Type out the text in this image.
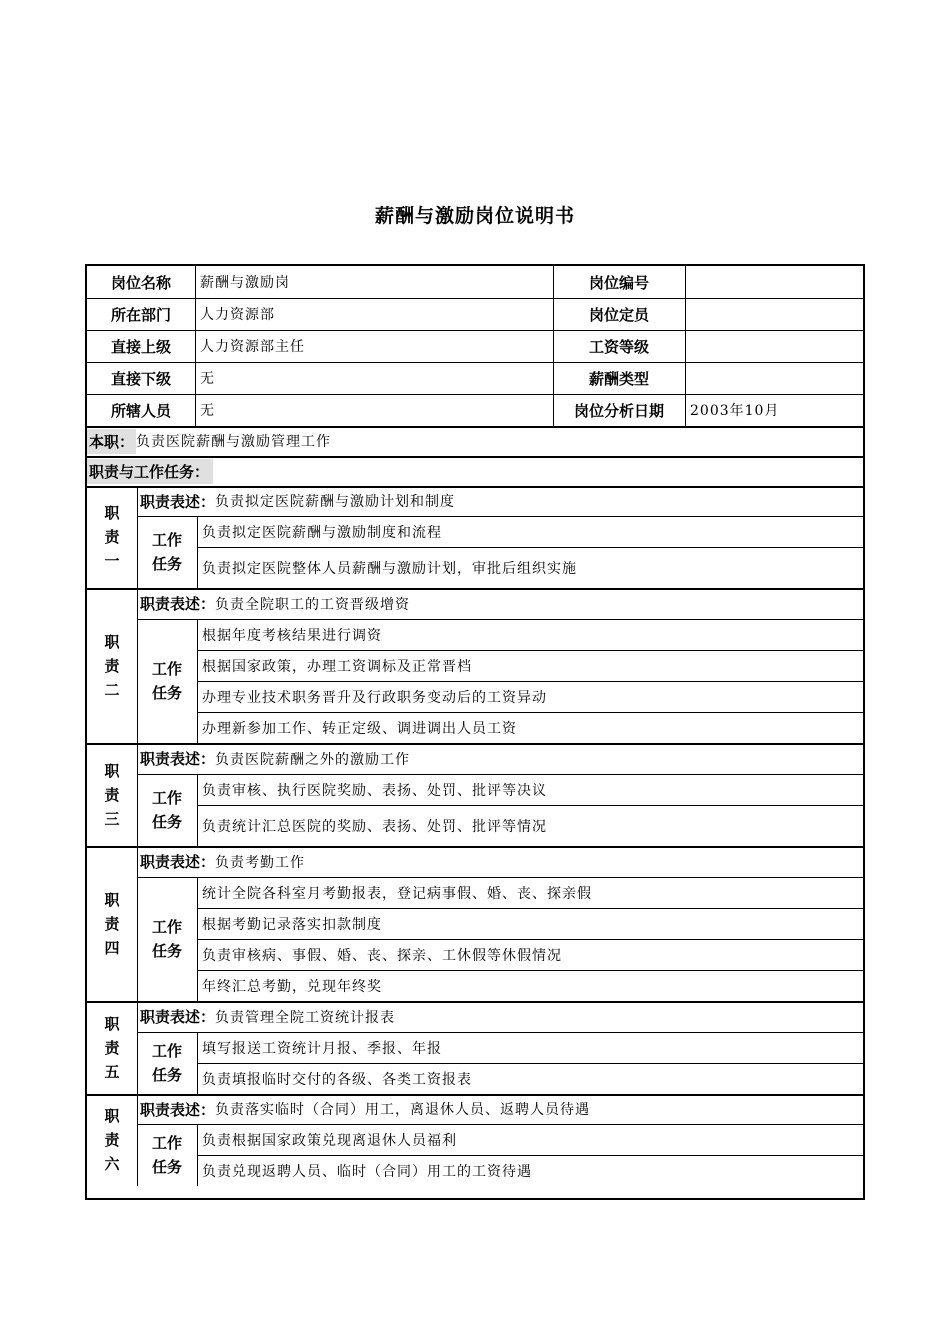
薪酬与激励岗位说明书
岗位名称	薪酬与激励岗	岗位编号
所在部门	人力资源部	岗位定员
直接上级	人力资源部主任	工资等级
直接下级	无	薪酬类型
所辖人员	无	岗位分析日期	2003年10月
本职： 负责医院薪酬与激励管理工作
职责与工作任务：
职
责
一
职责表述： 负责拟定医院薪酬与激励计划和制度
工作
任务
负责拟定医院薪酬与激励制度和流程
负责拟定医院整体人员薪酬与激励计划，审批后组织实施
职
责
二
职责表述： 负责全院职工的工资晋级增资
工作
任务
根据年度考核结果进行调资
根据国家政策，办理工资调标及正常晋档
办理专业技术职务晋升及行政职务变动后的工资异动
办理新参加工作、转正定级、调进调出人员工资
职
责
三
职责表述： 负责医院薪酬之外的激励工作
工作
任务
负责审核、执行医院奖励、表扬、处罚、批评等决议
负责统计汇总医院的奖励、表扬、处罚、批评等情况
职
责
四
职责表述： 负责考勤工作
工作
任务
统计全院各科室月考勤报表，登记病事假、婚、丧、探亲假
根据考勤记录落实扣款制度
负责审核病、事假、婚、丧、探亲、工休假等休假情况
年终汇总考勤，兑现年终奖
职
责
五
职责表述： 负责管理全院工资统计报表
工作
任务
填写报送工资统计月报、季报、年报
负责填报临时交付的各级、各类工资报表
职
责
六
职责表述： 负责落实临时（合同）用工，离退休人员、返聘人员待遇
工作
任务
负责根据国家政策兑现离退休人员福利
负责兑现返聘人员、临时（合同）用工的工资待遇
